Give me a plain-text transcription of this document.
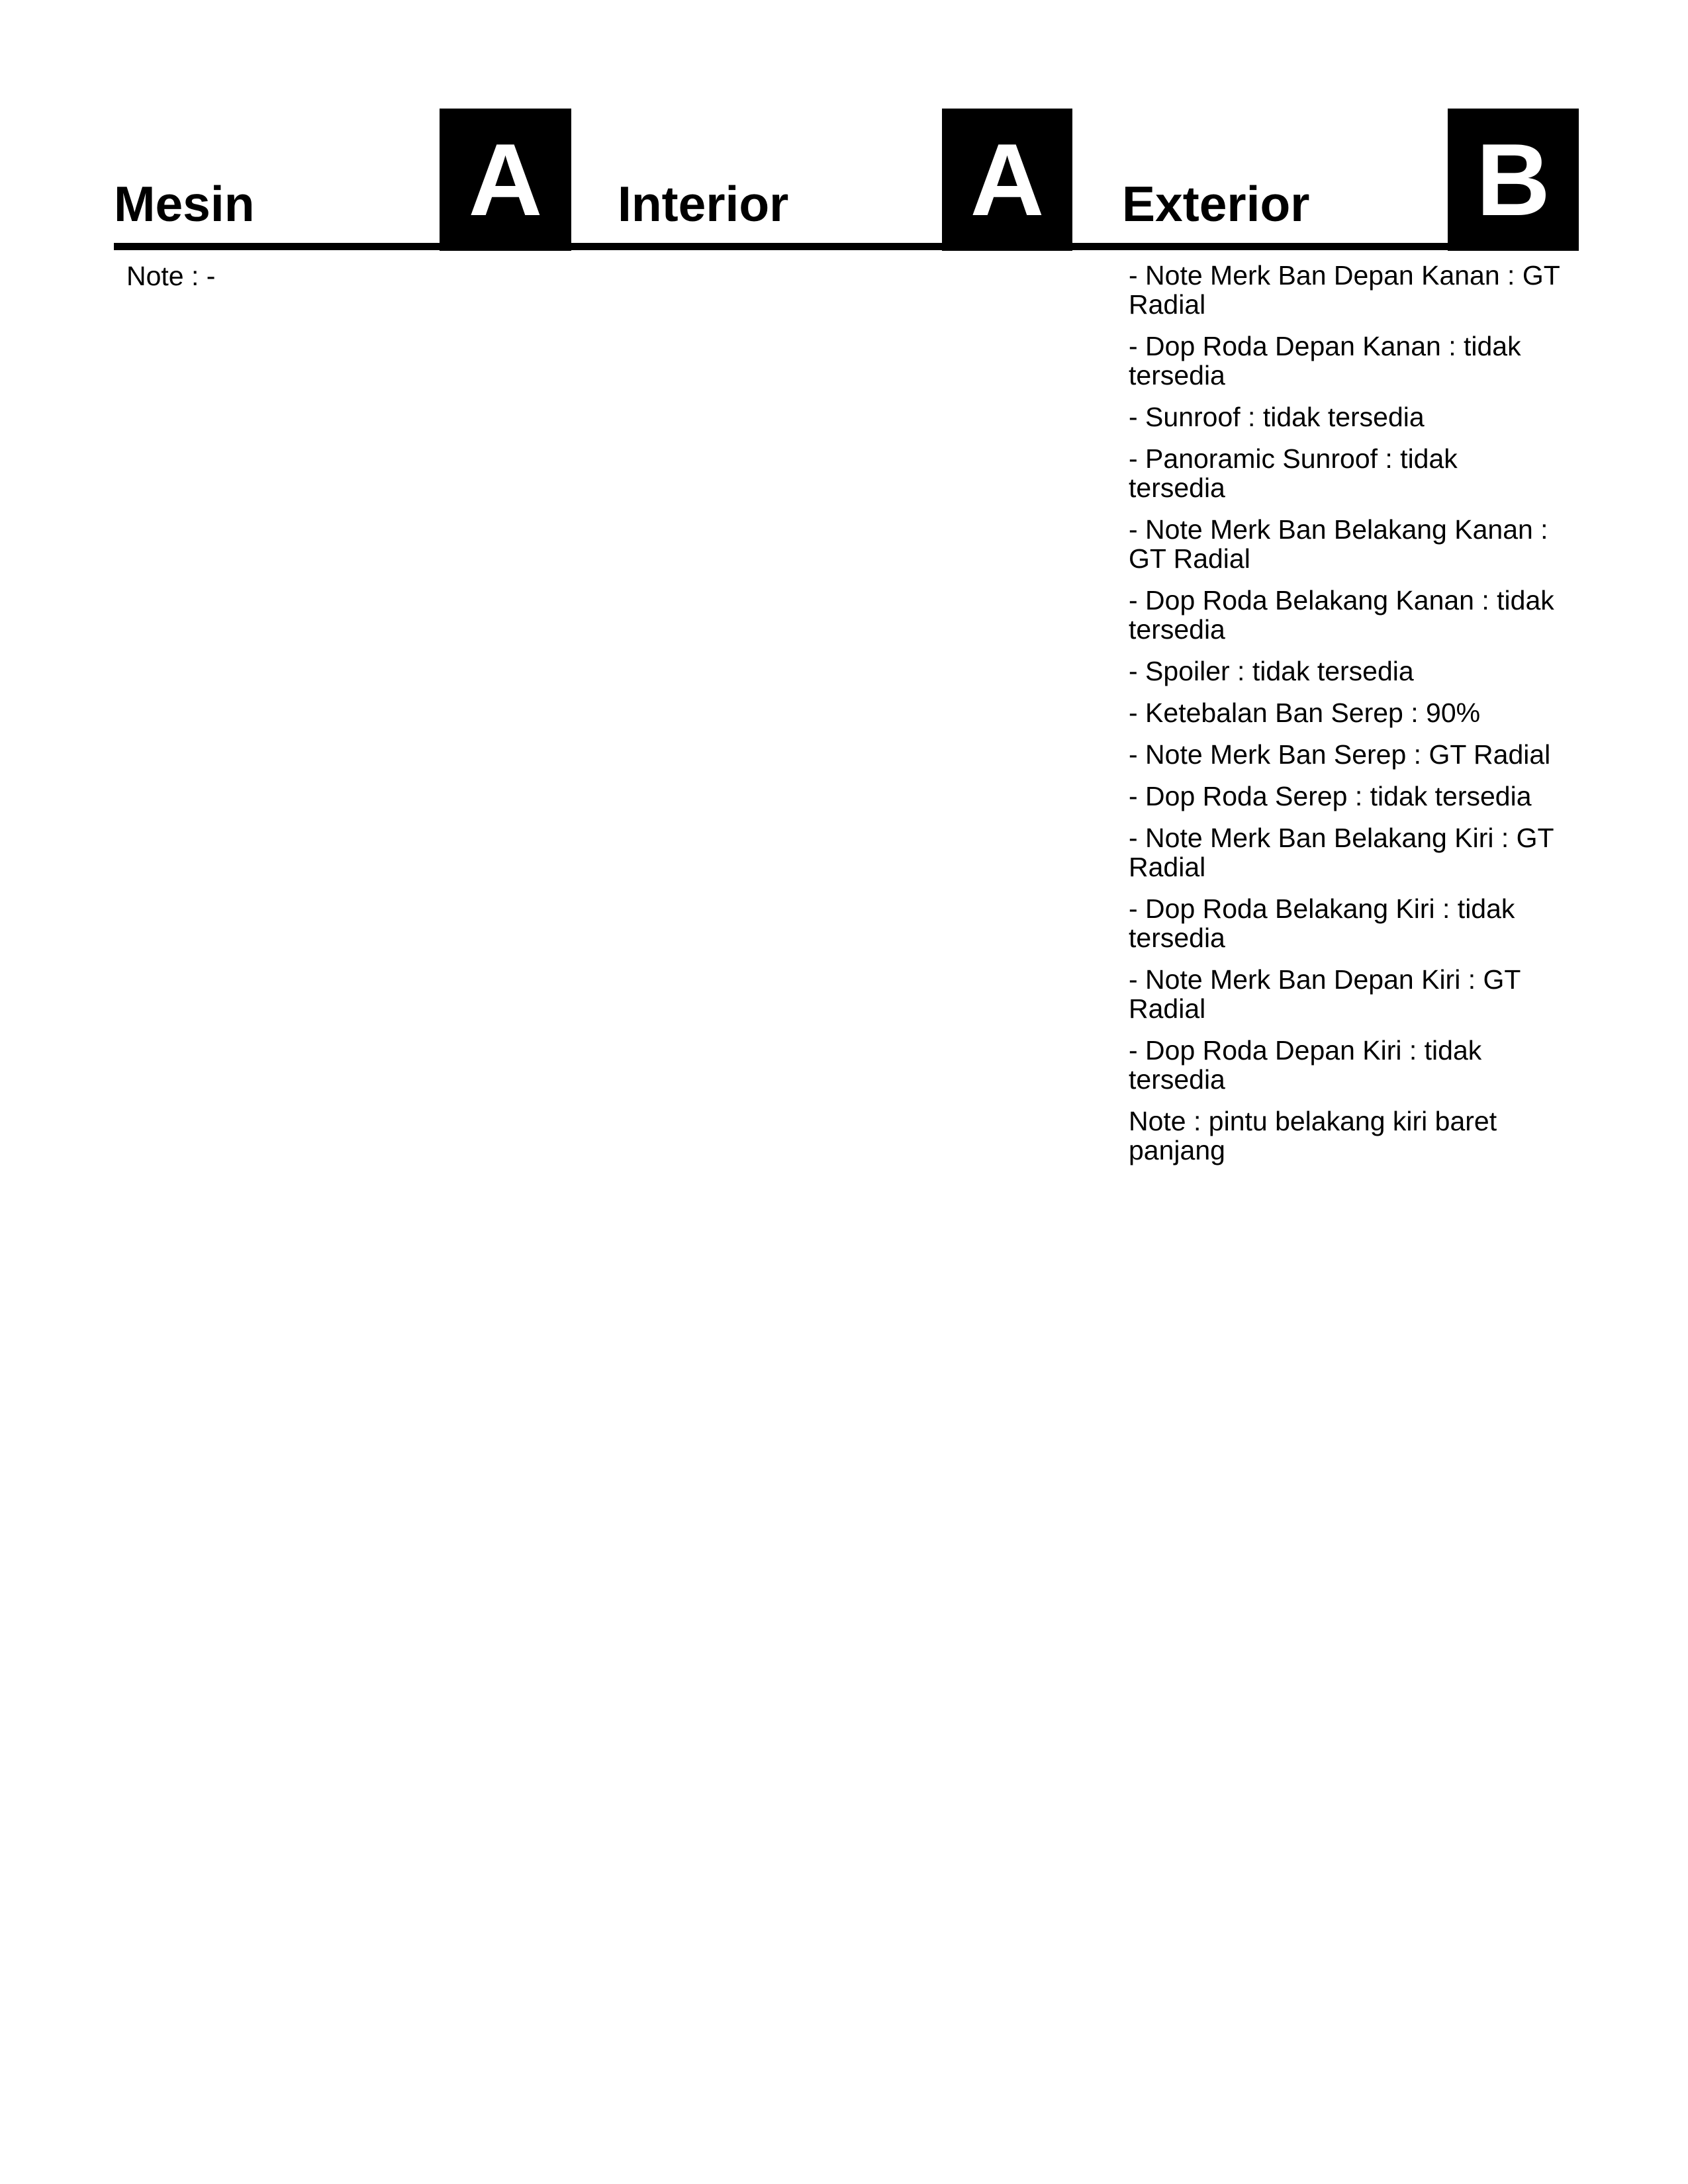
Mesin A
Note : -
Interior A Exterior B
- Note Merk Ban Depan Kanan : GT Radial
- Dop Roda Depan Kanan : tidak tersedia
- Sunroof : tidak tersedia
- Panoramic Sunroof : tidak tersedia
- Note Merk Ban Belakang Kanan : GT Radial
- Dop Roda Belakang Kanan : tidak tersedia
- Spoiler : tidak tersedia
- Ketebalan Ban Serep : 90%
- Note Merk Ban Serep : GT Radial
- Dop Roda Serep : tidak tersedia
- Note Merk Ban Belakang Kiri : GT Radial
- Dop Roda Belakang Kiri : tidak tersedia
- Note Merk Ban Depan Kiri : GT Radial
- Dop Roda Depan Kiri : tidak tersedia
Note : pintu belakang kiri baret panjang
